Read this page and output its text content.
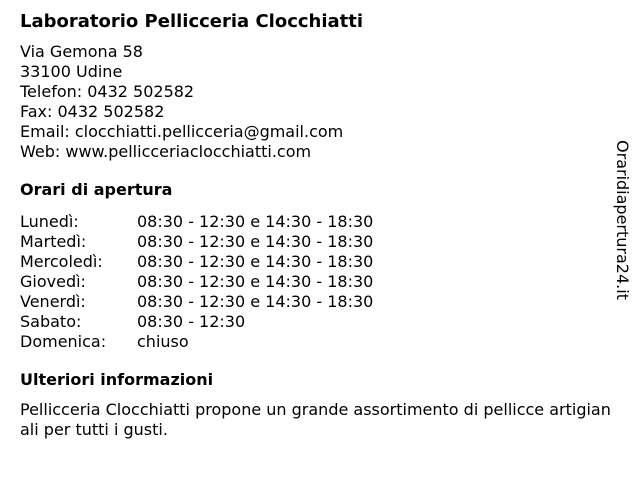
Laboratorio Pellicceria Clocchiatti
Via Gemona 58
33100 Udine
Telefon: 0432 502582
Fax: 0432 502582
Email: clocchiatti.pellicceria@gmail.com
Web: www.pellicceriaclocchiatti.com
Orari di apertura
Lunedì:	08:30 - 12:30 e 14:30 - 18:30
Martedì:	08:30 - 12:30 e 14:30 - 18:30
Mercoledì:	08:30 - 12:30 e 14:30 - 18:30
Giovedì:	08:30 - 12:30 e 14:30 - 18:30
Venerdì:	08:30 - 12:30 e 14:30 - 18:30
Sabato:	08:30 - 12:30
Domenica:	chiuso
Ulteriori informazioni
Pellicceria Clocchiatti propone un grande assortimento di pellicce artigianali per tutti i gusti.
Oraridiapertura24.it
